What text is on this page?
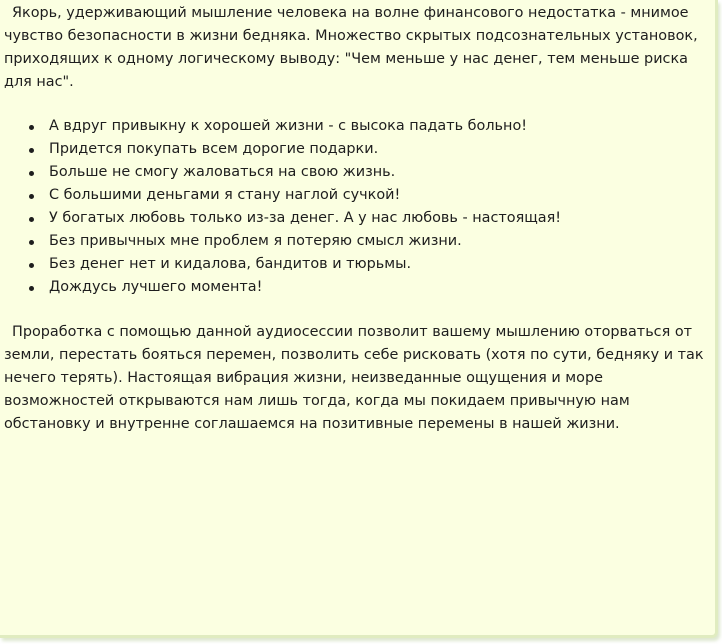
Якорь, удерживающий мышление человека на волне финансового недостатка - мнимое чувство безопасности в жизни бедняка. Множество скрытых подсознательных установок, приходящих к одному логическому выводу: "Чем меньше у нас денег, тем меньше риска для нас".

А вдруг привыкну к хорошей жизни - с высока падать больно!
Придется покупать всем дорогие подарки.
Больше не смогу жаловаться на свою жизнь.
С большими деньгами я стану наглой сучкой!
У богатых любовь только из-за денег. А у нас любовь - настоящая!
Без привычных мне проблем я потеряю смысл жизни.
Без денег нет и кидалова, бандитов и тюрьмы.
Дождусь лучшего момента!

Проработка с помощью данной аудиосессии позволит вашему мышлению оторваться от земли, перестать бояться перемен, позволить себе рисковать (хотя по сути, бедняку и так нечего терять). Настоящая вибрация жизни, неизведанные ощущения и море возможностей открываются нам лишь тогда, когда мы покидаем привычную нам обстановку и внутренне соглашаемся на позитивные перемены в нашей жизни.
